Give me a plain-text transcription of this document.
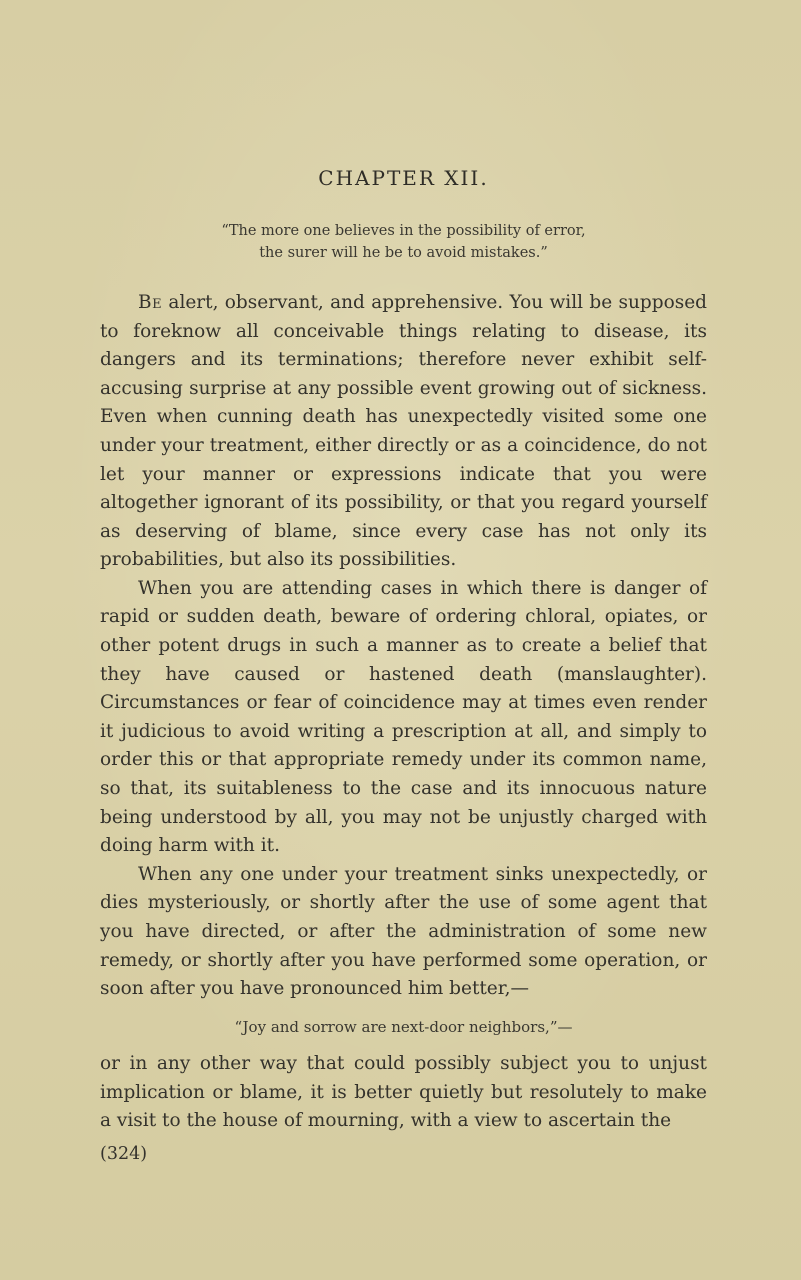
CHAPTER XII.
“The more one believes in the possibility of error,
the surer will he be to avoid mistakes.”

Be alert, observant, and apprehensive. You will be supposed to foreknow all conceivable things relating to disease, its dangers and its terminations; therefore never exhibit self-accusing surprise at any possible event growing out of sickness. Even when cunning death has unexpectedly visited some one under your treatment, either directly or as a coincidence, do not let your manner or expressions indicate that you were altogether ignorant of its possibility, or that you regard yourself as deserving of blame, since every case has not only its probabilities, but also its possibilities.

When you are attending cases in which there is danger of rapid or sudden death, beware of ordering chloral, opiates, or other potent drugs in such a manner as to create a belief that they have caused or hastened death (manslaughter). Circumstances or fear of coincidence may at times even render it judicious to avoid writing a prescription at all, and simply to order this or that appropriate remedy under its common name, so that, its suitableness to the case and its innocuous nature being understood by all, you may not be unjustly charged with doing harm with it.

When any one under your treatment sinks unexpectedly, or dies mysteriously, or shortly after the use of some agent that you have directed, or after the administration of some new remedy, or shortly after you have performed some operation, or soon after you have pronounced him better,—

“Joy and sorrow are next-door neighbors,”—

or in any other way that could possibly subject you to unjust implication or blame, it is better quietly but resolutely to make a visit to the house of mourning, with a view to ascertain the

(324)
